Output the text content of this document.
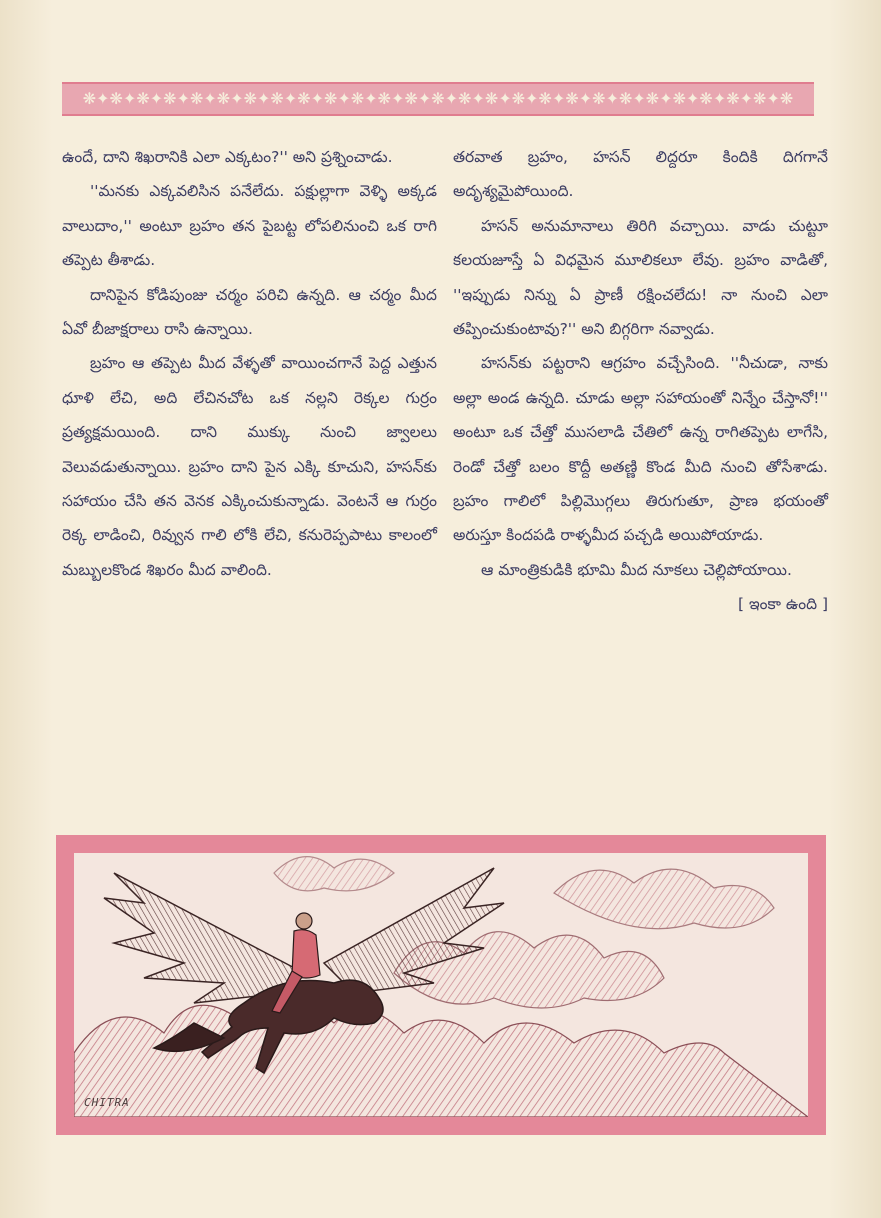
❋✦❋✦❋✦❋✦❋✦❋✦❋✦❋✦❋✦❋✦❋✦❋✦❋✦❋✦❋✦❋✦❋✦❋✦❋✦❋✦❋✦❋✦❋✦❋✦❋✦❋✦❋

ఉందే, దాని శిఖరానికి ఎలా ఎక్కటం?'' అని ప్రశ్నించాడు.

''మనకు ఎక్కవలిసిన పనేలేదు. పక్షుల్లాగా వెళ్ళి అక్కడ వాలుదాం,'' అంటూ బ్రహం తన పైబట్ట లోపలినుంచి ఒక రాగి తప్పెట తీశాడు.

దానిపైన కోడిపుంజు చర్మం పరిచి ఉన్నది. ఆ చర్మం మీద ఏవో బీజాక్షరాలు రాసి ఉన్నాయి.

బ్రహం ఆ తప్పెట మీద వేళ్ళతో వాయించగానే పెద్ద ఎత్తున ధూళి లేచి, అది లేచినచోట ఒక నల్లని రెక్కల గుర్రం ప్రత్యక్షమయింది. దాని ముక్కు నుంచి జ్వాలలు వెలువడుతున్నాయి. బ్రహం దాని పైన ఎక్కి కూచుని, హసన్‌కు సహాయం చేసి తన వెనక ఎక్కించుకున్నాడు. వెంటనే ఆ గుర్రం రెక్క లాడించి, రివ్వున గాలి లోకి లేచి, కనురెప్పపాటు కాలంలో మబ్బులకొండ శిఖరం మీద వాలింది.

తరవాత బ్రహం, హసన్ లిద్దరూ కిందికి దిగగానే అదృశ్యమైపోయింది.

హసన్ అనుమానాలు తిరిగి వచ్చాయి. వాడు చుట్టూ కలయజూస్తే ఏ విధమైన మూలికలూ లేవు. బ్రహం వాడితో, ''ఇప్పుడు నిన్ను ఏ ప్రాణీ రక్షించలేదు! నా నుంచి ఎలా తప్పించుకుంటావు?'' అని బిగ్గరిగా నవ్వాడు.

హసన్‌కు పట్టరాని ఆగ్రహం వచ్చేసింది. ''నీచుడా, నాకు అల్లా అండ ఉన్నది. చూడు అల్లా సహాయంతో నిన్నేం చేస్తానో!'' అంటూ ఒక చేత్తో ముసలాడి చేతిలో ఉన్న రాగితప్పెట లాగేసి, రెండో చేత్తో బలం కొద్దీ అతణ్ణి కొండ మీది నుంచి తోసేశాడు. బ్రహం గాలిలో పిల్లిమొగ్గలు తిరుగుతూ, ప్రాణ భయంతో అరుస్తూ కిందపడి రాళ్ళమీద పచ్చడి అయిపోయాడు.

ఆ మాంత్రికుడికి భూమి మీద నూకలు చెల్లిపోయాయి.

[ ఇంకా ఉంది ]
CHITRA
